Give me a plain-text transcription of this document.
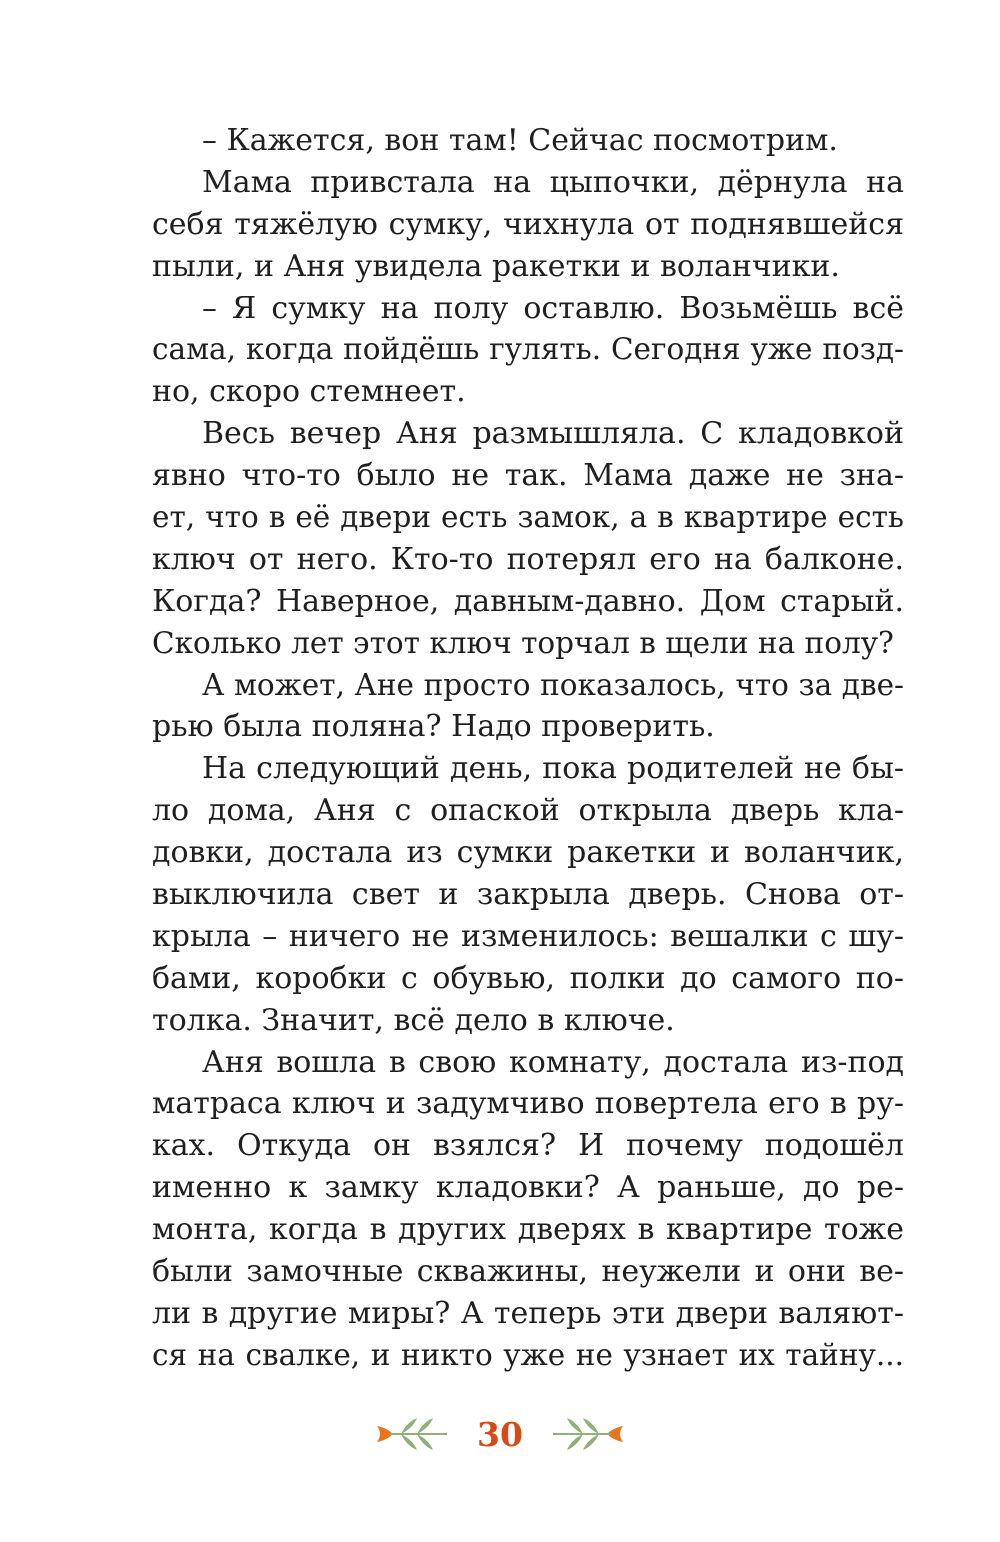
– Кажется, вон там! Сейчас посмотрим.
Мама привстала на цыпочки, дёрнула на
себя тяжёлую сумку, чихнула от поднявшейся
пыли, и Аня увидела ракетки и воланчики.
– Я сумку на полу оставлю. Возьмёшь всё
сама, когда пойдёшь гулять. Сегодня уже позд-
но, скоро стемнеет.
Весь вечер Аня размышляла. С кладовкой
явно что-то было не так. Мама даже не зна-
ет, что в её двери есть замок, а в квартире есть
ключ от него. Кто-то потерял его на балконе.
Когда? Наверное, давным-давно. Дом старый.
Сколько лет этот ключ торчал в щели на полу?
А может, Ане просто показалось, что за две-
рью была поляна? Надо проверить.
На следующий день, пока родителей не бы-
ло дома, Аня с опаской открыла дверь кла-
довки, достала из сумки ракетки и воланчик,
выключила свет и закрыла дверь. Снова от-
крыла – ничего не изменилось: вешалки с шу-
бами, коробки с обувью, полки до самого по-
толка. Значит, всё дело в ключе.
Аня вошла в свою комнату, достала из-под
матраса ключ и задумчиво повертела его в ру-
ках. Откуда он взялся? И почему подошёл
именно к замку кладовки? А раньше, до ре-
монта, когда в других дверях в квартире тоже
были замочные скважины, неужели и они ве-
ли в другие миры? А теперь эти двери валяют-
ся на свалке, и никто уже не узнает их тайну...
30
